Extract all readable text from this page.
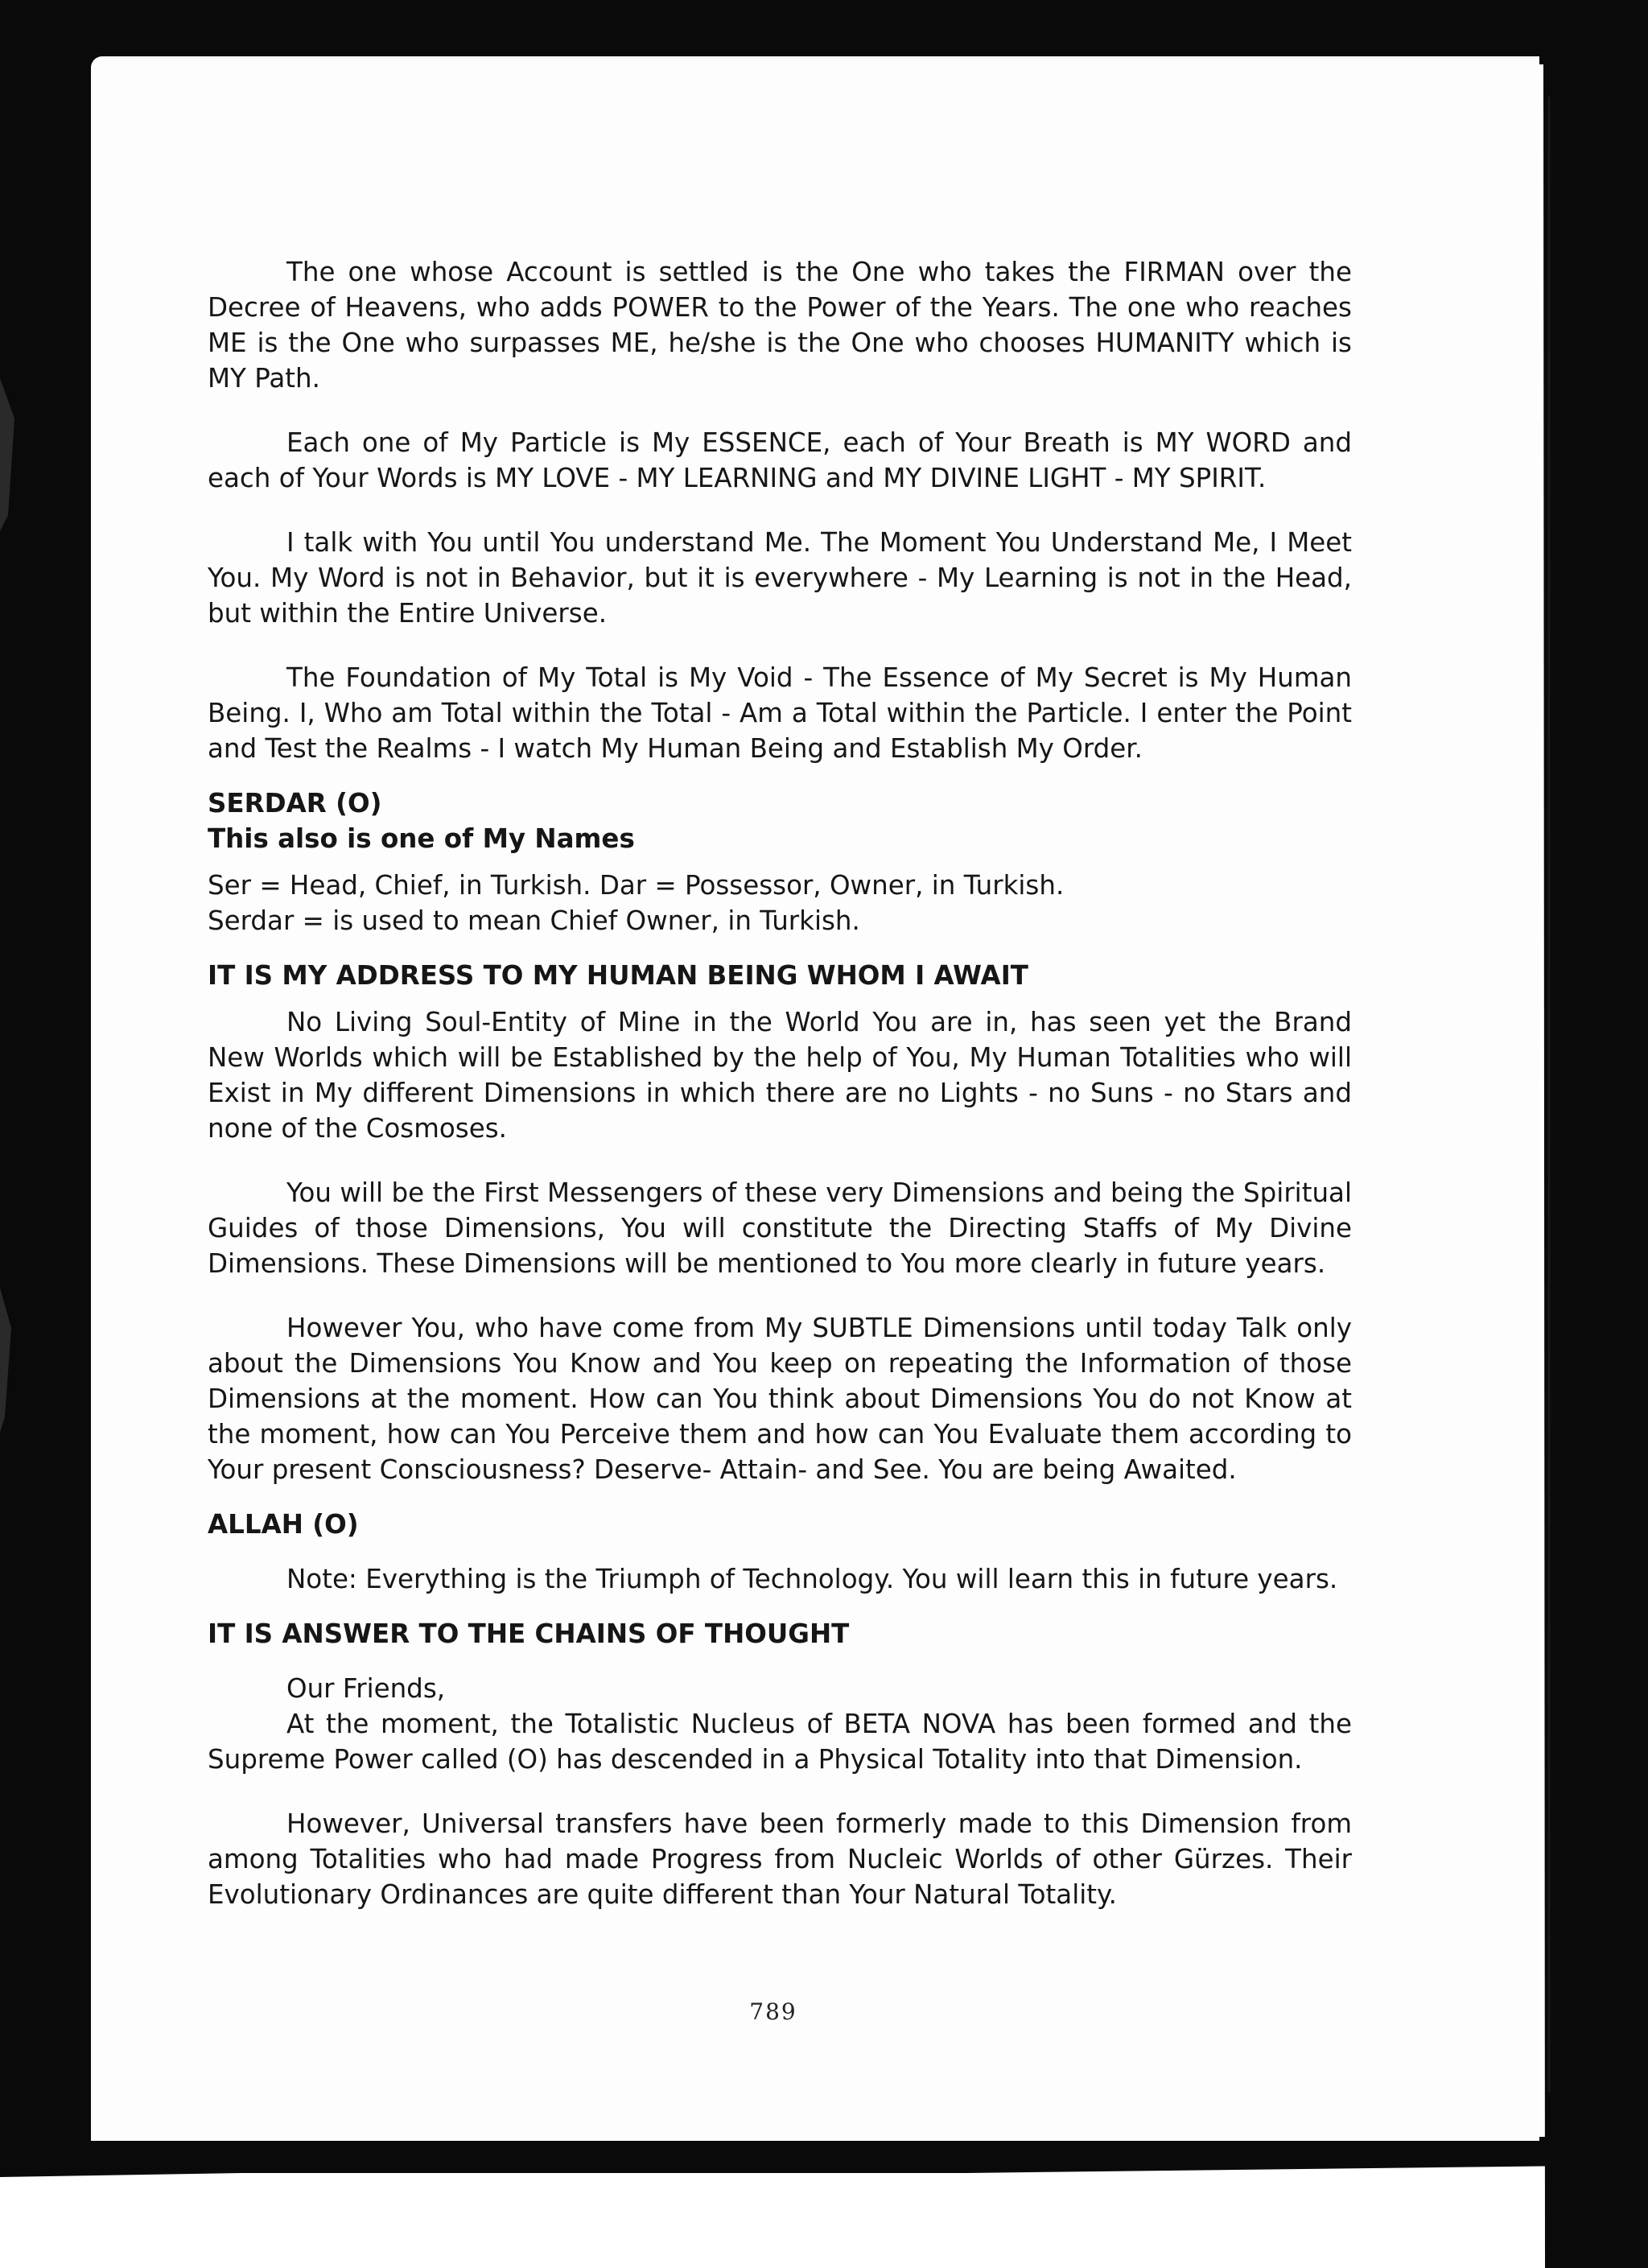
The one whose Account is settled is the One who takes the FIRMAN over the Decree of Heavens, who adds POWER to the Power of the Years. The one who reaches ME is the One who surpasses ME, he/she is the One who chooses HUMANITY which is MY Path.

Each one of My Particle is My ESSENCE, each of Your Breath is MY WORD and each of Your Words is MY LOVE - MY LEARNING and MY DIVINE LIGHT - MY SPIRIT.

I talk with You until You understand Me. The Moment You Understand Me, I Meet You. My Word is not in Behavior, but it is everywhere - My Learning is not in the Head, but within the Entire Universe.

The Foundation of My Total is My Void - The Essence of My Secret is My Human Being. I, Who am Total within the Total - Am a Total within the Particle. I enter the Point and Test the Realms - I watch My Human Being and Establish My Order.

SERDAR (O)

This also is one of My Names

Ser = Head, Chief, in Turkish. Dar = Possessor, Owner, in Turkish.

Serdar = is used to mean Chief Owner, in Turkish.

IT IS MY ADDRESS TO MY HUMAN BEING WHOM I AWAIT

No Living Soul-Entity of Mine in the World You are in, has seen yet the Brand New Worlds which will be Established by the help of You, My Human Totalities who will Exist in My different Dimensions in which there are no Lights - no Suns - no Stars and none of the Cosmoses.

You will be the First Messengers of these very Dimensions and being the Spiritual Guides of those Dimensions, You will constitute the Directing Staffs of My Divine Dimensions. These Dimensions will be mentioned to You more clearly in future years.

However You, who have come from My SUBTLE Dimensions until today Talk only about the Dimensions You Know and You keep on repeating the Information of those Dimensions at the moment. How can You think about Dimensions You do not Know at the moment, how can You Perceive them and how can You Evaluate them according to Your present Consciousness? Deserve- Attain- and See. You are being Awaited.

ALLAH (O)

Note: Everything is the Triumph of Technology. You will learn this in future years.

IT IS ANSWER TO THE CHAINS OF THOUGHT

Our Friends,

At the moment, the Totalistic Nucleus of BETA NOVA has been formed and the Supreme Power called (O) has descended in a Physical Totality into that Dimension.

However, Universal transfers have been formerly made to this Dimension from among Totalities who had made Progress from Nucleic Worlds of other Gürzes. Their Evolutionary Ordinances are quite different than Your Natural Totality.

789
